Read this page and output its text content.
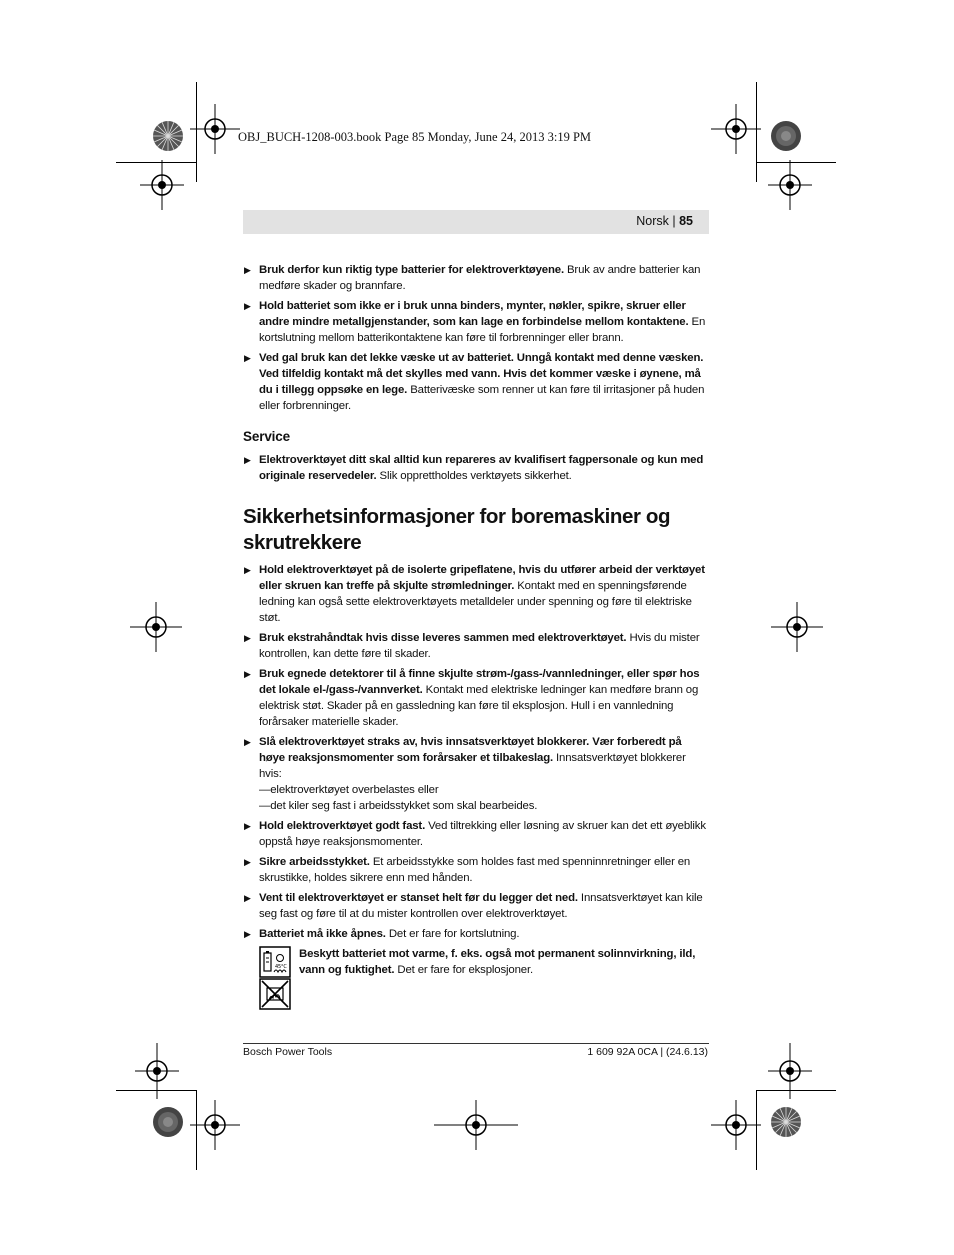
OBJ_BUCH-1208-003.book Page 85 Monday, June 24, 2013 3:19 PM
Norsk | 85
▶ Bruk derfor kun riktig type batterier for elektroverktøyene. Bruk av andre batterier kan medføre skader og brannfare.
▶ Hold batteriet som ikke er i bruk unna binders, mynter, nøkler, spikre, skruer eller andre mindre metallgjenstander, som kan lage en forbindelse mellom kontaktene. En kortslutning mellom batterikontaktene kan føre til forbrenninger eller brann.
▶ Ved gal bruk kan det lekke væske ut av batteriet. Unngå kontakt med denne væsken. Ved tilfeldig kontakt må det skylles med vann. Hvis det kommer væske i øynene, må du i tillegg oppsøke en lege. Batterivæske som renner ut kan føre til irritasjoner på huden eller forbrenninger.
Service
▶ Elektroverktøyet ditt skal alltid kun repareres av kvalifisert fagpersonale og kun med originale reservedeler. Slik opprettholdes verktøyets sikkerhet.
Sikkerhetsinformasjoner for boremaskiner og skrutrekkere
▶ Hold elektroverktøyet på de isolerte gripeflatene, hvis du utfører arbeid der verktøyet eller skruen kan treffe på skjulte strømledninger. Kontakt med en spenningsførende ledning kan også sette elektroverktøyets metalldeler under spenning og føre til elektriske støt.
▶ Bruk ekstrahåndtak hvis disse leveres sammen med elektroverktøyet. Hvis du mister kontrollen, kan dette føre til skader.
▶ Bruk egnede detektorer til å finne skjulte strøm-/gass-/vannledninger, eller spør hos det lokale el-/gass-/vannverket. Kontakt med elektriske ledninger kan medføre brann og elektrisk støt. Skader på en gassledning kan føre til eksplosjon. Hull i en vannledning forårsaker materielle skader.
▶ Slå elektroverktøyet straks av, hvis innsatsverktøyet blokkerer. Vær forberedt på høye reaksjonsmomenter som forårsaker et tilbakeslag. Innsatsverktøyet blokkerer hvis:
—elektroverktøyet overbelastes eller
—det kiler seg fast i arbeidsstykket som skal bearbeides.
▶ Hold elektroverktøyet godt fast. Ved tiltrekking eller løsning av skruer kan det ett øyeblikk oppstå høye reaksjonsmomenter.
▶ Sikre arbeidsstykket. Et arbeidsstykke som holdes fast med spenninnretninger eller en skrustikke, holdes sikrere enn med hånden.
▶ Vent til elektroverktøyet er stanset helt før du legger det ned. Innsatsverktøyet kan kile seg fast og føre til at du mister kontrollen over elektroverktøyet.
▶ Batteriet må ikke åpnes. Det er fare for kortslutning.
45°C
Beskytt batteriet mot varme, f. eks. også mot permanent solinnvirkning, ild, vann og fuktighet. Det er fare for eksplosjoner.
Bosch Power Tools	1 609 92A 0CA | (24.6.13)
